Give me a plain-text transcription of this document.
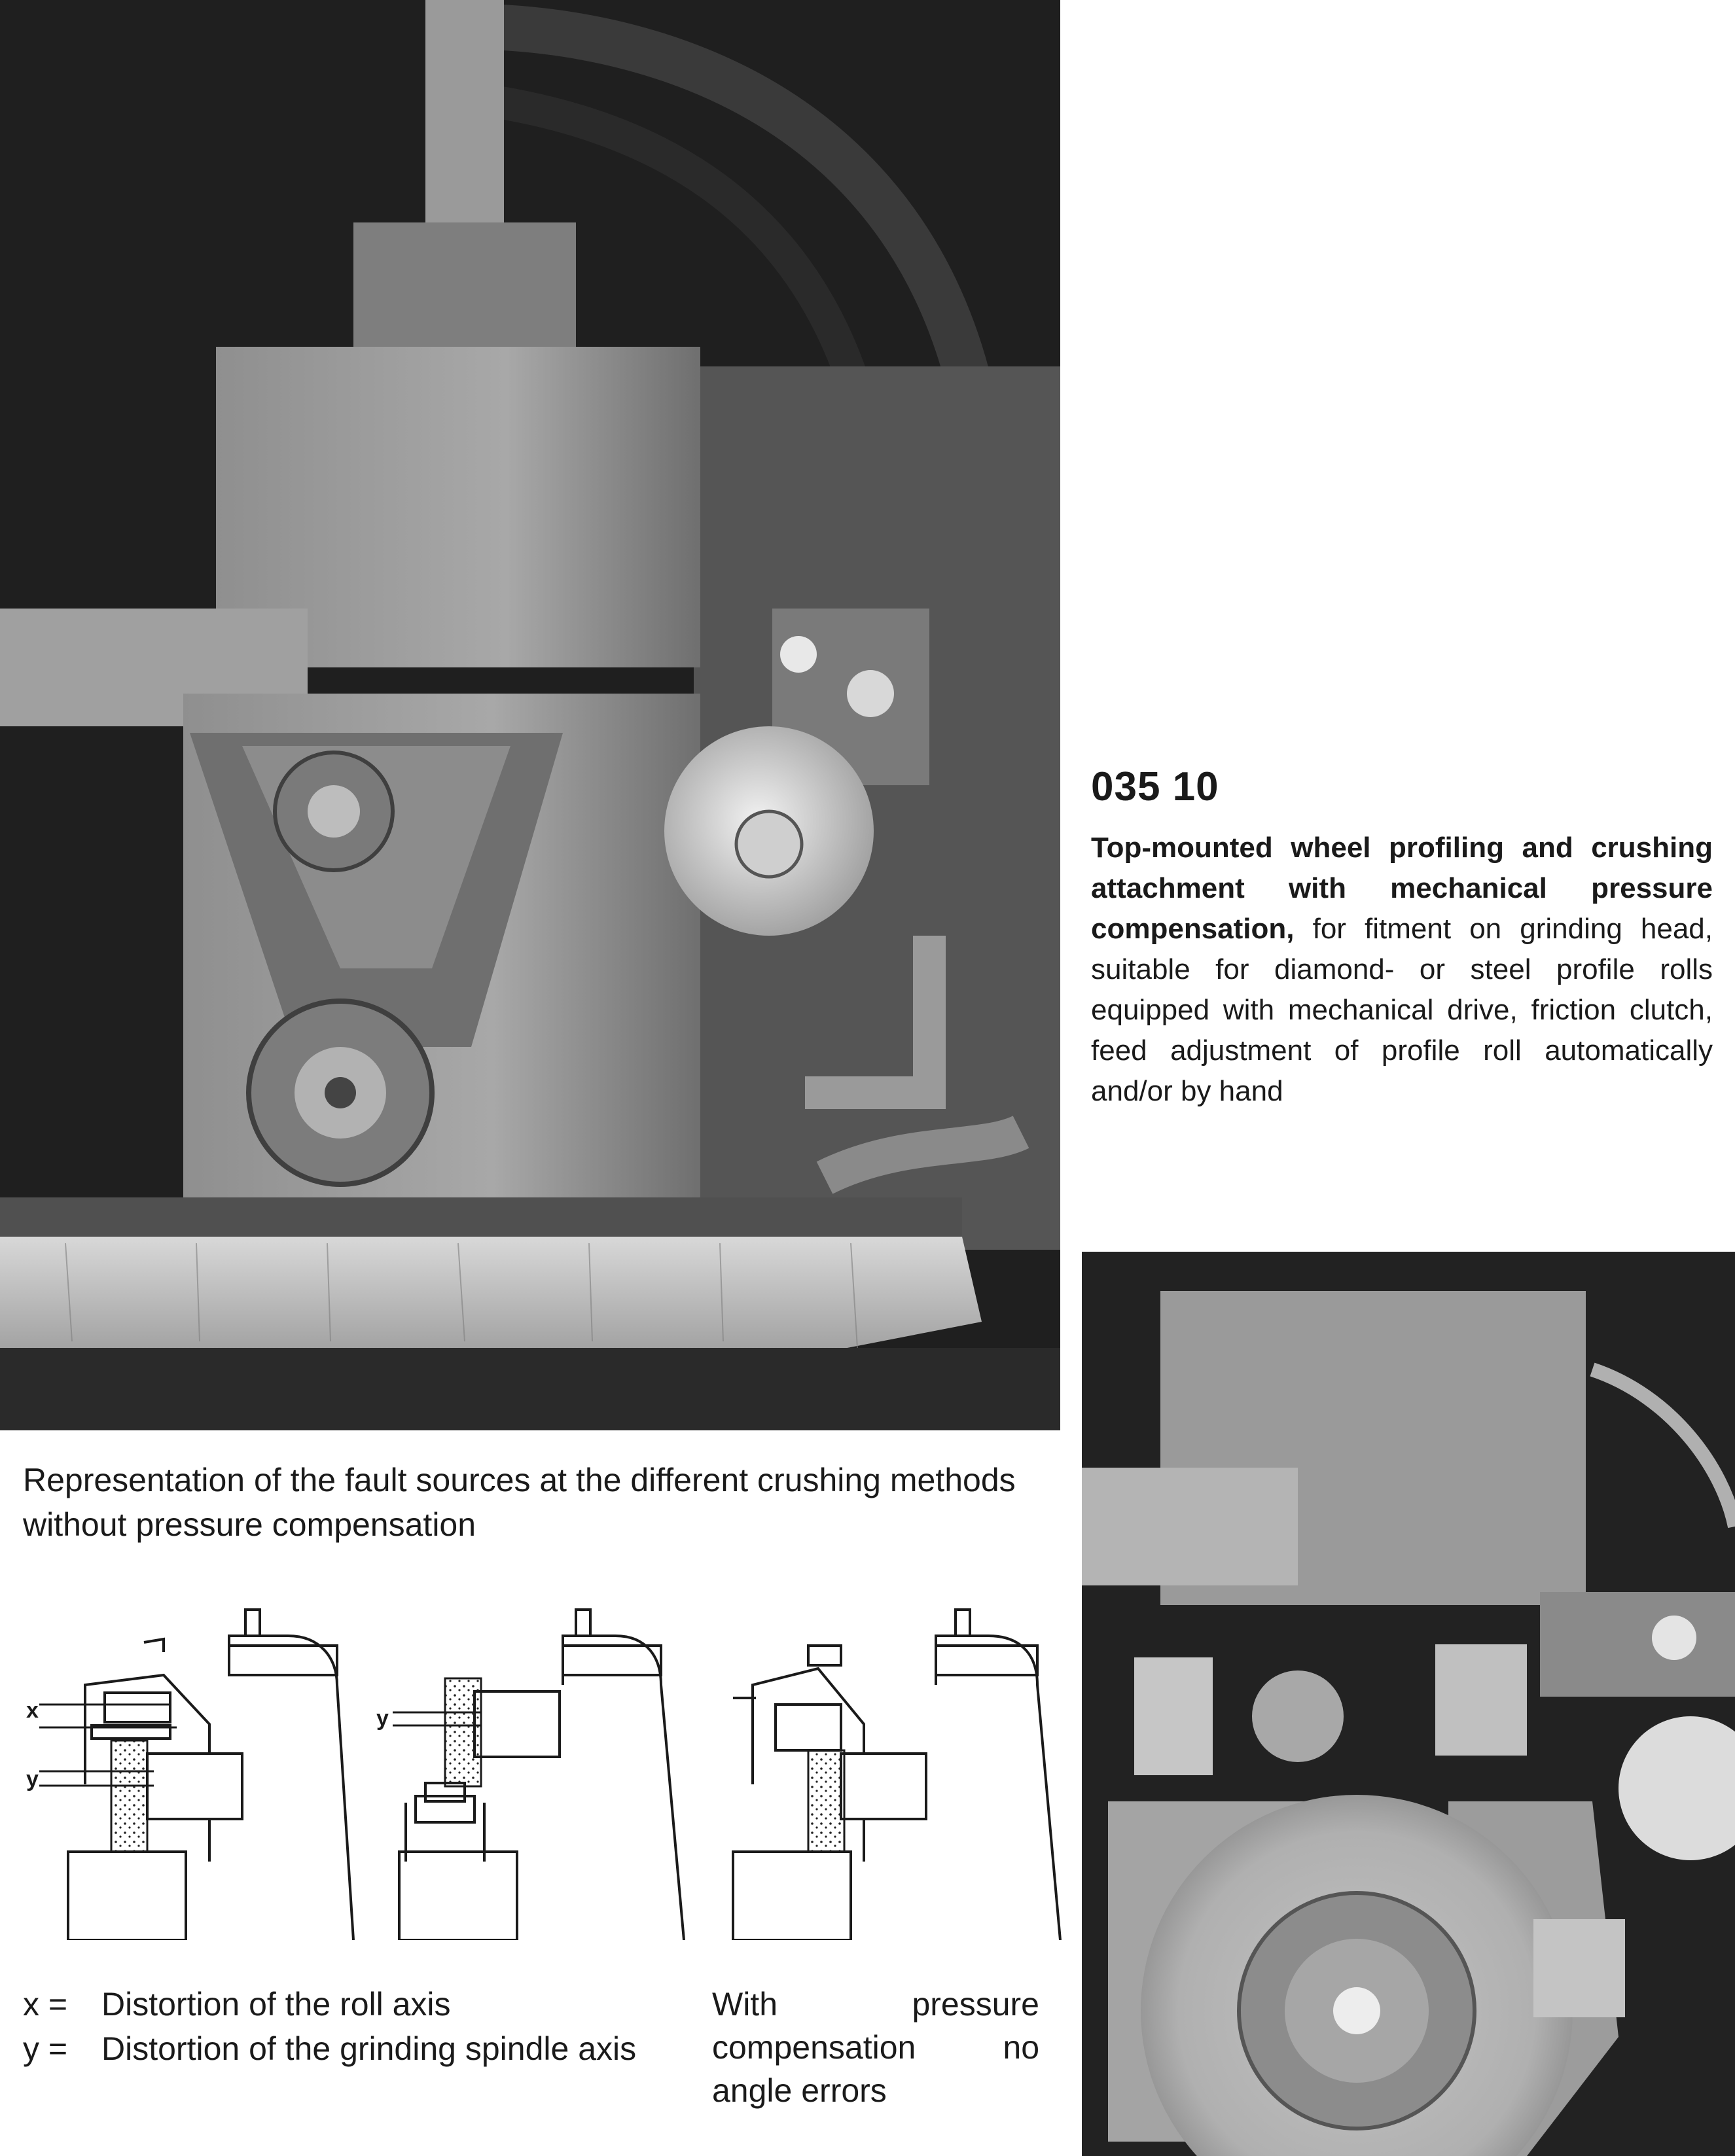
035 10

Top-mounted wheel profiling and crushing attachment with mechanical pressure compensation, for fitment on grinding head, suitable for diamond- or steel profile rolls equipped with mechanical drive, friction clutch, feed adjustment of profile roll automatically and/or by hand

Representation of the fault sources at the different crushing methods without pressure compensation

x
y
y
x = Distortion of the roll axis
y = Distortion of the grinding spindle axis

With pressure compensation no angle errors
